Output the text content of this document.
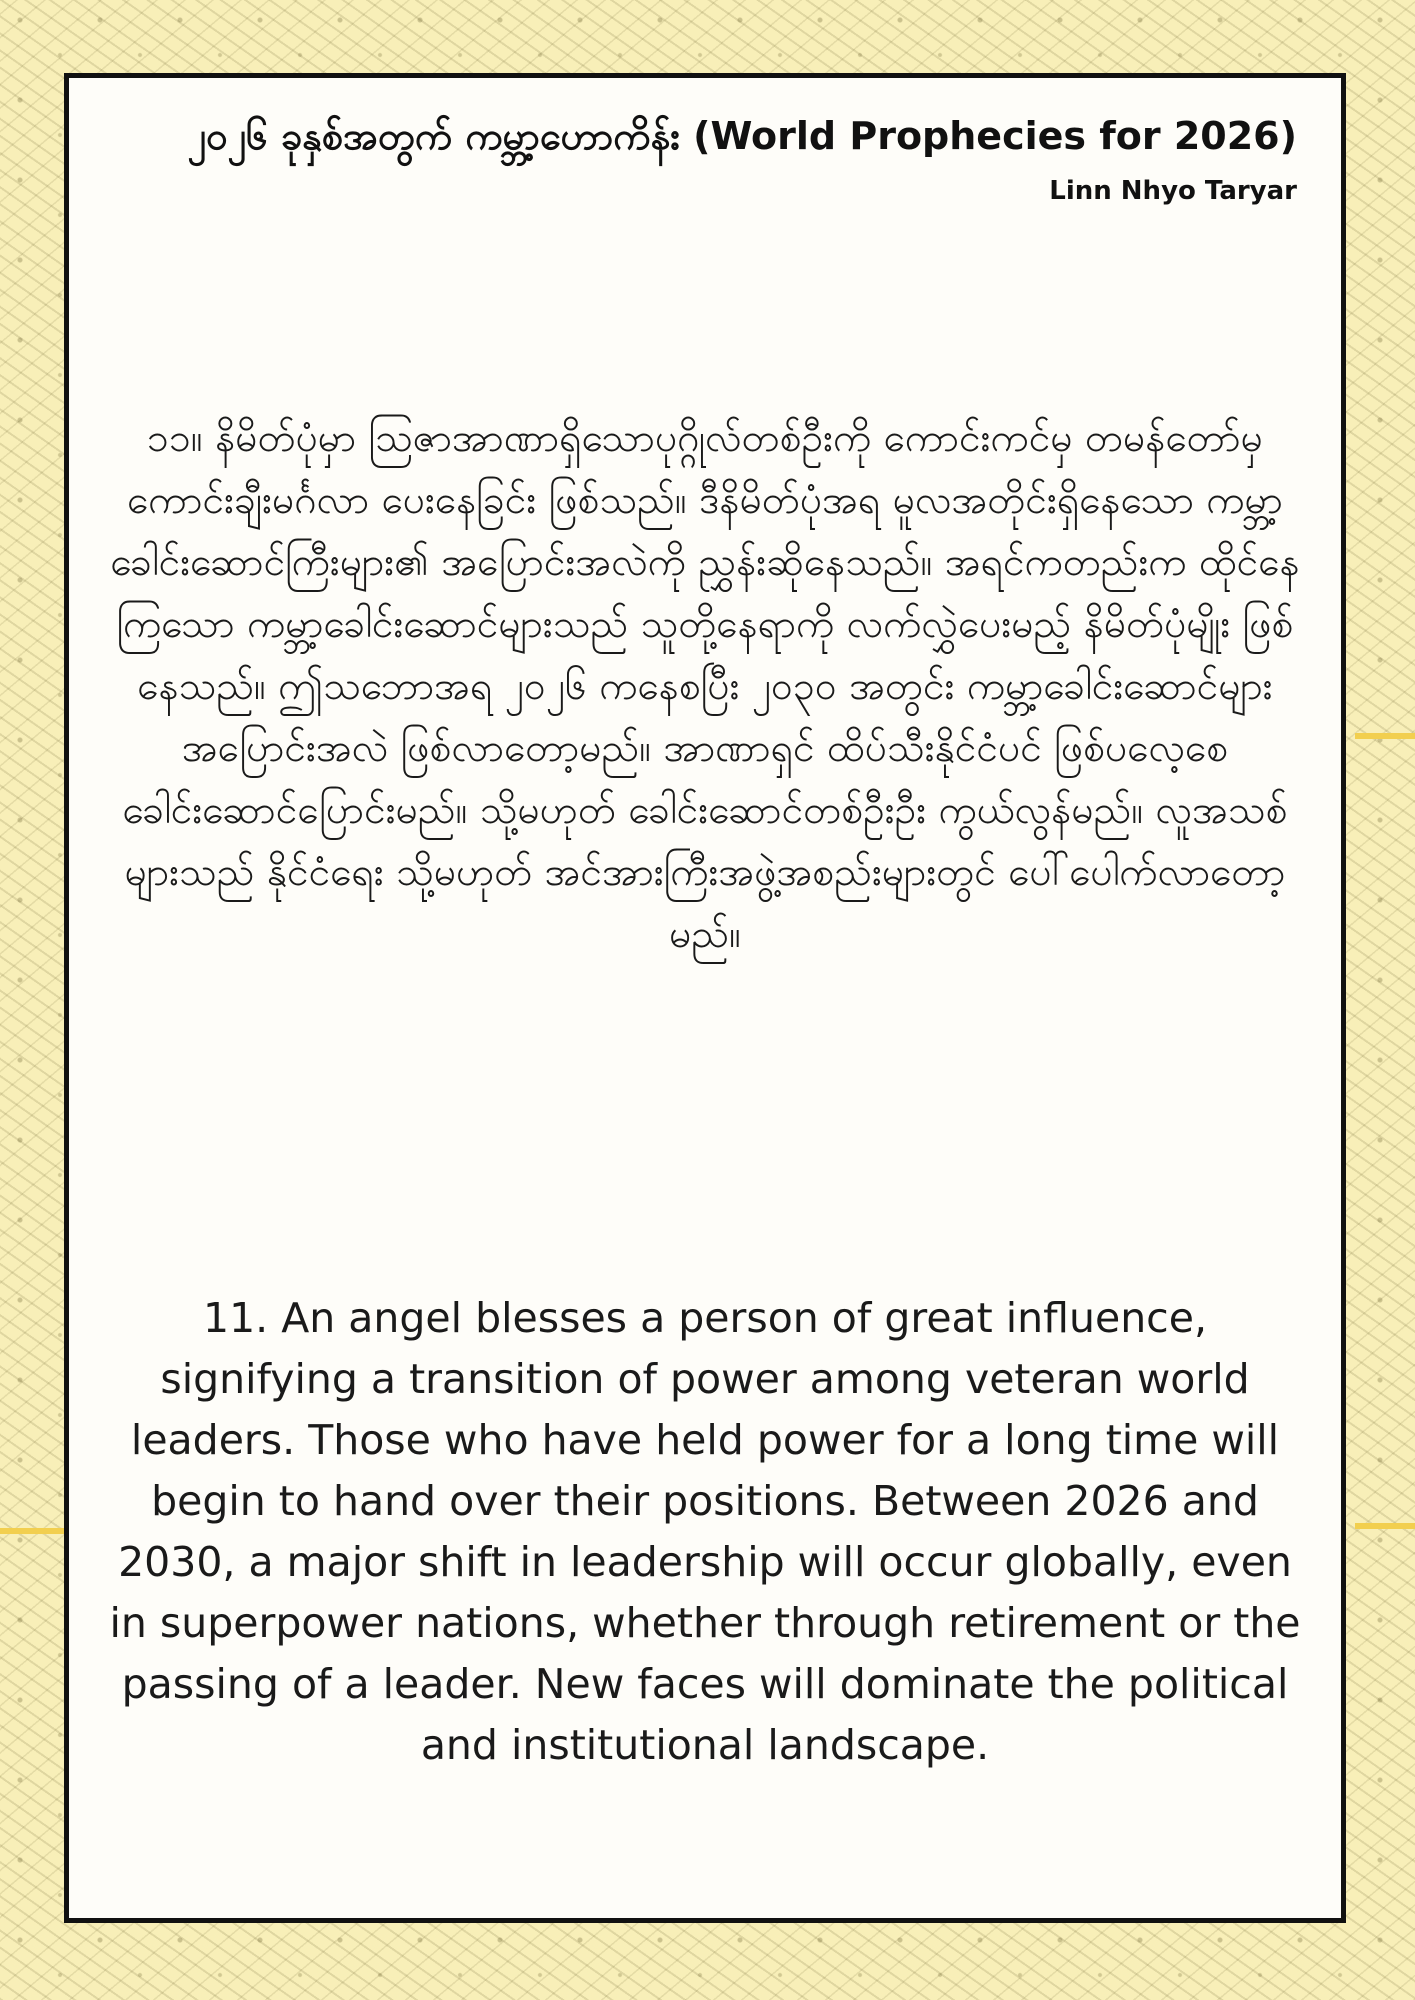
၂၀၂၆ ခုနှစ်အတွက် ကမ္ဘာ့ဟောကိန်း (World Prophecies for 2026)
Linn Nhyo Taryar

၁၁။ နိမိတ်ပုံမှာ သြဇာအာဏာရှိသောပုဂ္ဂိုလ်တစ်ဦးကို ကောင်းကင်မှ တမန်တော်မှ ကောင်းချီးမင်္ဂလာ ပေးနေခြင်း ဖြစ်သည်။ ဒီနိမိတ်ပုံအရ မူလအတိုင်းရှိနေသော ကမ္ဘာ့ခေါင်းဆောင်ကြီးများ၏ အပြောင်းအလဲကို ညွှန်းဆိုနေသည်။ အရင်ကတည်းက ထိုင်နေကြသော ကမ္ဘာ့ခေါင်းဆောင်များသည် သူတို့နေရာကို လက်လွှဲပေးမည့် နိမိတ်ပုံမျိုး ဖြစ်နေသည်။ ဤသဘောအရ ၂၀၂၆ ကနေစပြီး ၂၀၃၀ အတွင်း ကမ္ဘာ့ခေါင်းဆောင်များ အပြောင်းအလဲ ဖြစ်လာတော့မည်။ အာဏာရှင် ထိပ်သီးနိုင်ငံပင် ဖြစ်ပလေ့စေ ခေါင်းဆောင်ပြောင်းမည်။ သို့မဟုတ် ခေါင်းဆောင်တစ်ဦးဦး ကွယ်လွန်မည်။ လူအသစ်များသည် နိုင်ငံရေး သို့မဟုတ် အင်အားကြီးအဖွဲ့အစည်းများတွင် ပေါ်ပေါက်လာတော့မည်။

11. An angel blesses a person of great influence, signifying a transition of power among veteran world leaders. Those who have held power for a long time will begin to hand over their positions. Between 2026 and 2030, a major shift in leadership will occur globally, even in superpower nations, whether through retirement or the passing of a leader. New faces will dominate the political and institutional landscape.
